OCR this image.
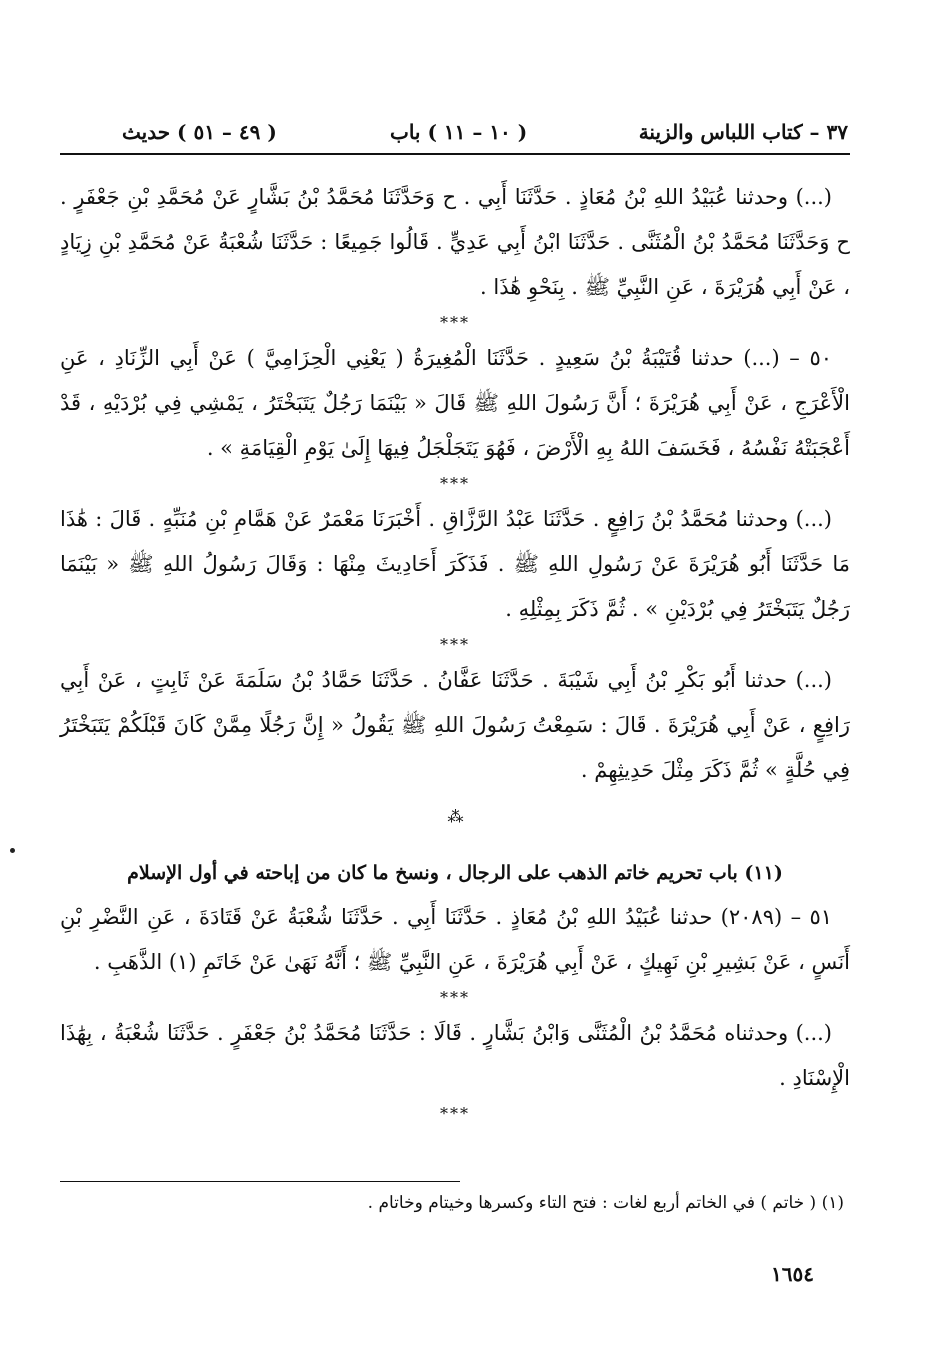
٣٧ – كتاب اللباس والزينة
( ١٠ – ١١ ) باب
( ٤٩ – ٥١ ) حديث

(...) وحدثنا عُبَيْدُ اللهِ بْنُ مُعَاذٍ . حَدَّثَنَا أَبِي . ح وَحَدَّثَنَا مُحَمَّدُ بْنُ بَشَّارٍ عَنْ مُحَمَّدِ بْنِ جَعْفَرٍ . ح وَحَدَّثَنَا مُحَمَّدُ بْنُ الْمُثَنَّى . حَدَّثَنَا ابْنُ أَبِي عَدِيٍّ . قَالُوا جَمِيعًا : حَدَّثَنَا شُعْبَةُ عَنْ مُحَمَّدِ بْنِ زِيَادٍ ، عَنْ أَبِي هُرَيْرَةَ ، عَنِ النَّبِيِّ ﷺ . بِنَحْوِ هَٰذَا .

***

٥٠ – (...) حدثنا قُتَيْبَةُ بْنُ سَعِيدٍ . حَدَّثَنَا الْمُغِيرَةُ ( يَعْنِي الْحِزَامِيَّ ) عَنْ أَبِي الزِّنَادِ ، عَنِ الْأَعْرَجِ ، عَنْ أَبِي هُرَيْرَةَ ؛ أَنَّ رَسُولَ اللهِ ﷺ قَالَ « بَيْنَمَا رَجُلٌ يَتَبَخْتَرُ ، يَمْشِي فِي بُرْدَيْهِ ، قَدْ أَعْجَبَتْهُ نَفْسُهُ ، فَخَسَفَ اللهُ بِهِ الْأَرْضَ ، فَهُوَ يَتَجَلْجَلُ فِيهَا إِلَىٰ يَوْمِ الْقِيَامَةِ » .

***

(...) وحدثنا مُحَمَّدُ بْنُ رَافِعٍ . حَدَّثَنَا عَبْدُ الرَّزَّاقِ . أَخْبَرَنَا مَعْمَرٌ عَنْ هَمَّامِ بْنِ مُنَبِّهٍ . قَالَ : هَٰذَا مَا حَدَّثَنَا أَبُو هُرَيْرَةَ عَنْ رَسُولِ اللهِ ﷺ . فَذَكَرَ أَحَادِيثَ مِنْهَا : وَقَالَ رَسُولُ اللهِ ﷺ « بَيْنَمَا رَجُلٌ يَتَبَخْتَرُ فِي بُرْدَيْنِ » . ثُمَّ ذَكَرَ بِمِثْلِهِ .

***

(...) حدثنا أَبُو بَكْرِ بْنُ أَبِي شَيْبَةَ . حَدَّثَنَا عَفَّانُ . حَدَّثَنَا حَمَّادُ بْنُ سَلَمَةَ عَنْ ثَابِتٍ ، عَنْ أَبِي رَافِعٍ ، عَنْ أَبِي هُرَيْرَةَ . قَالَ : سَمِعْتُ رَسُولَ اللهِ ﷺ يَقُولُ « إِنَّ رَجُلًا مِمَّنْ كَانَ قَبْلَكُمْ يَتَبَخْتَرُ فِي حُلَّةٍ » ثُمَّ ذَكَرَ مِثْلَ حَدِيثِهِمْ .

⁂
(١١) باب تحريم خاتم الذهب على الرجال ، ونسخ ما كان من إباحته في أول الإسلام

٥١ – (٢٠٨٩) حدثنا عُبَيْدُ اللهِ بْنُ مُعَاذٍ . حَدَّثَنَا أَبِي . حَدَّثَنَا شُعْبَةُ عَنْ قَتَادَةَ ، عَنِ النَّضْرِ بْنِ أَنَسٍ ، عَنْ بَشِيرِ بْنِ نَهِيكٍ ، عَنْ أَبِي هُرَيْرَةَ ، عَنِ النَّبِيِّ ﷺ ؛ أَنَّهُ نَهَىٰ عَنْ خَاتَمِ (١) الذَّهَبِ .

***

(...) وحدثناه مُحَمَّدُ بْنُ الْمُثَنَّى وَابْنُ بَشَّارٍ . قَالَا : حَدَّثَنَا مُحَمَّدُ بْنُ جَعْفَرٍ . حَدَّثَنَا شُعْبَةُ ، بِهَٰذَا الْإِسْنَادِ .

***

(١) ( خاتم ) في الخاتم أربع لغات : فتح التاء وكسرها وخيتام وخاتام .

١٦٥٤
